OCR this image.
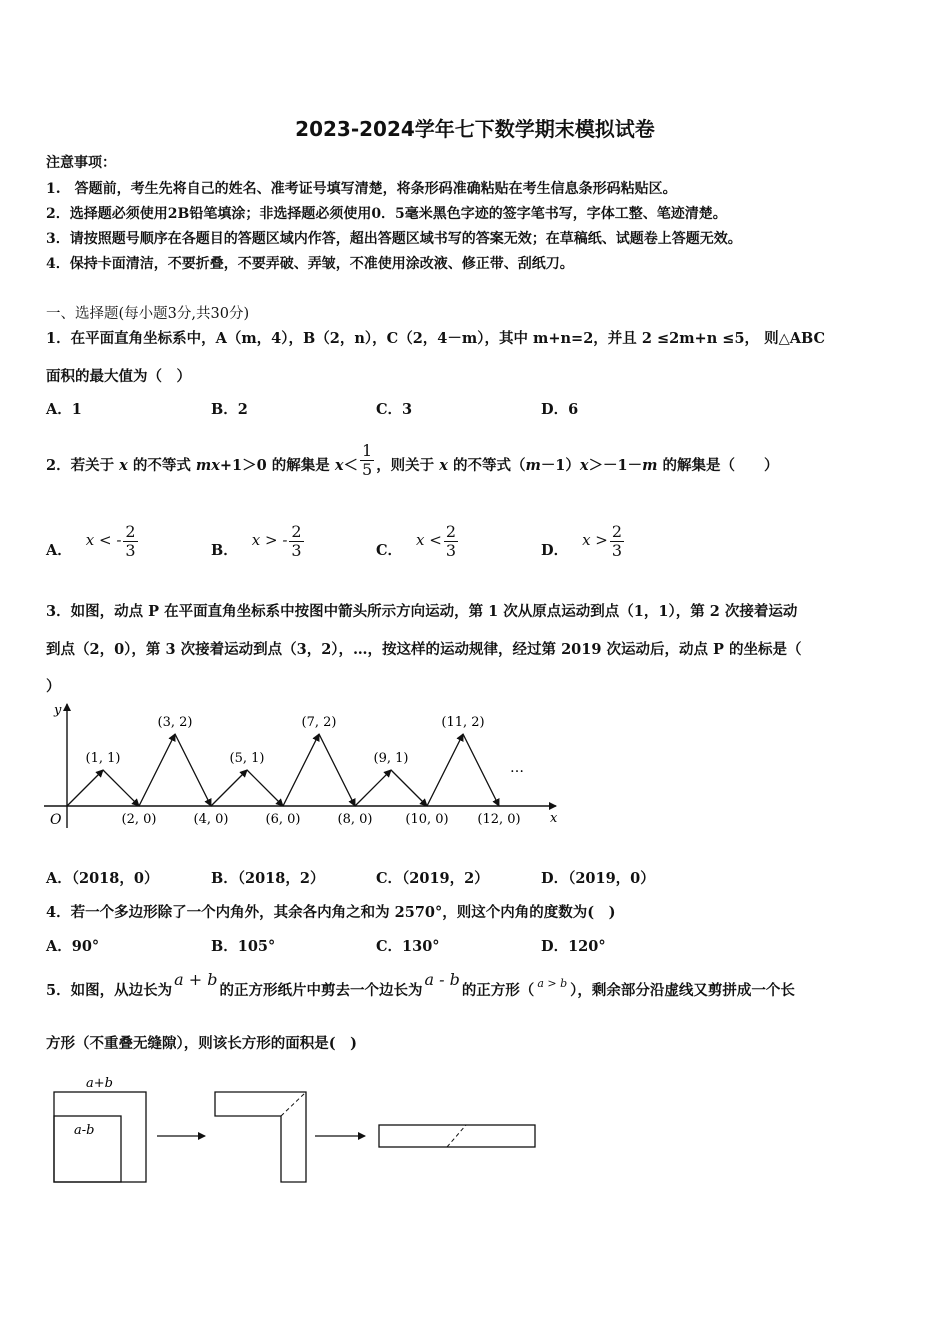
2023-2024学年七下数学期末模拟试卷
注意事项：
1.　答题前，考生先将自己的姓名、准考证号填写清楚，将条形码准确粘贴在考生信息条形码粘贴区。
2．选择题必须使用2B铅笔填涂；非选择题必须使用0．5毫米黑色字迹的签字笔书写，字体工整、笔迹清楚。
3．请按照题号顺序在各题目的答题区域内作答，超出答题区域书写的答案无效；在草稿纸、试题卷上答题无效。
4．保持卡面清洁，不要折叠，不要弄破、弄皱，不准使用涂改液、修正带、刮纸刀。
一、选择题(每小题3分,共30分)
1．在平面直角坐标系中，A（m，4），B（2，n），C（2，4－m），其中 m+n=2，并且 2 ≤2m+n ≤5， 则△ABC
面积的最大值为（　）
A．1	B．2	C．3	D．6
2．若关于 x 的不等式 mx+1＞0 的解集是 $x< \frac{1}{5}$ ，则关于 x 的不等式（m－1）x＞－1－m 的解集是（　　）
A．x < - $\frac{2}{3}$	B．x > - $\frac{2}{3}$	C．$x < \frac{2}{3}$	D．$x > \frac{2}{3}$
3．如图，动点 P 在平面直角坐标系中按图中箭头所示方向运动，第 1 次从原点运动到点（1，1），第 2 次接着运动
到点（2，0），第 3 次接着运动到点（3，2），…，按这样的运动规律，经过第 2019 次运动后，动点 P 的坐标是（
）
x
y
O
…
(1, 1)
(3, 2)
(5, 1)
(7, 2)
(9, 1)
(11, 2)
(2, 0)	(4, 0)	(6, 0)	(8, 0)	(10, 0) (12, 0)
A．（2018，0）	B．（2018，2）	C．（2019，2）	D．（2019，0）
4．若一个多边形除了一个内角外，其余各内角之和为 2570°，则这个内角的度数为(　)
A．90°	B．105°	C．130°	D．120°
5．如图，从边长为a + b的正方形纸片中剪去一个边长为a - b的正方形（ $^{a > b}$ ），剩余部分沿虚线又剪拼成一个长
方形（不重叠无缝隙），则该长方形的面积是(　)
a+b
a-b
